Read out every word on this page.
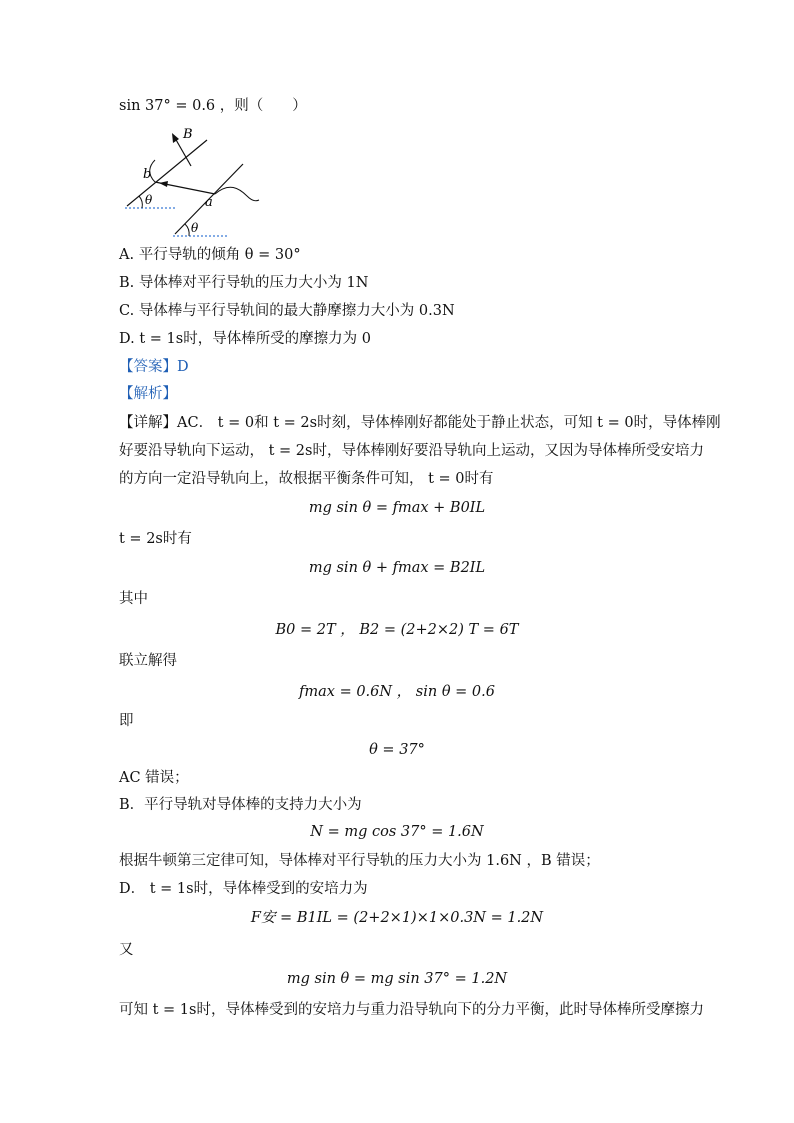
sin 37° = 0.6 ，则（　　）
B
b
a
θ
θ
A. 平行导轨的倾角 θ = 30°
B. 导体棒对平行导轨的压力大小为 1N
C. 导体棒与平行导轨间的最大静摩擦力大小为 0.3N
D. t = 1s时，导体棒所受的摩擦力为 0
【答案】D
【解析】
【详解】AC． t = 0和 t = 2s时刻，导体棒刚好都能处于静止状态，可知 t = 0时，导体棒刚
好要沿导轨向下运动， t = 2s时，导体棒刚好要沿导轨向上运动，又因为导体棒所受安培力
的方向一定沿导轨向上，故根据平衡条件可知， t = 0时有
mg sin θ = fmax + B0IL
t = 2s时有
mg sin θ + fmax = B2IL
其中
B0 = 2T ， B2 = (2+2×2) T = 6T
联立解得
fmax = 0.6N ， sin θ = 0.6
即
θ = 37°
AC 错误；
B．平行导轨对导体棒的支持力大小为
N = mg cos 37° = 1.6N
根据牛顿第三定律可知，导体棒对平行导轨的压力大小为 1.6N ，B 错误；
D． t = 1s时，导体棒受到的安培力为
F安 = B1IL = (2+2×1)×1×0.3N = 1.2N
又
mg sin θ = mg sin 37° = 1.2N
可知 t = 1s时，导体棒受到的安培力与重力沿导轨向下的分力平衡，此时导体棒所受摩擦力
